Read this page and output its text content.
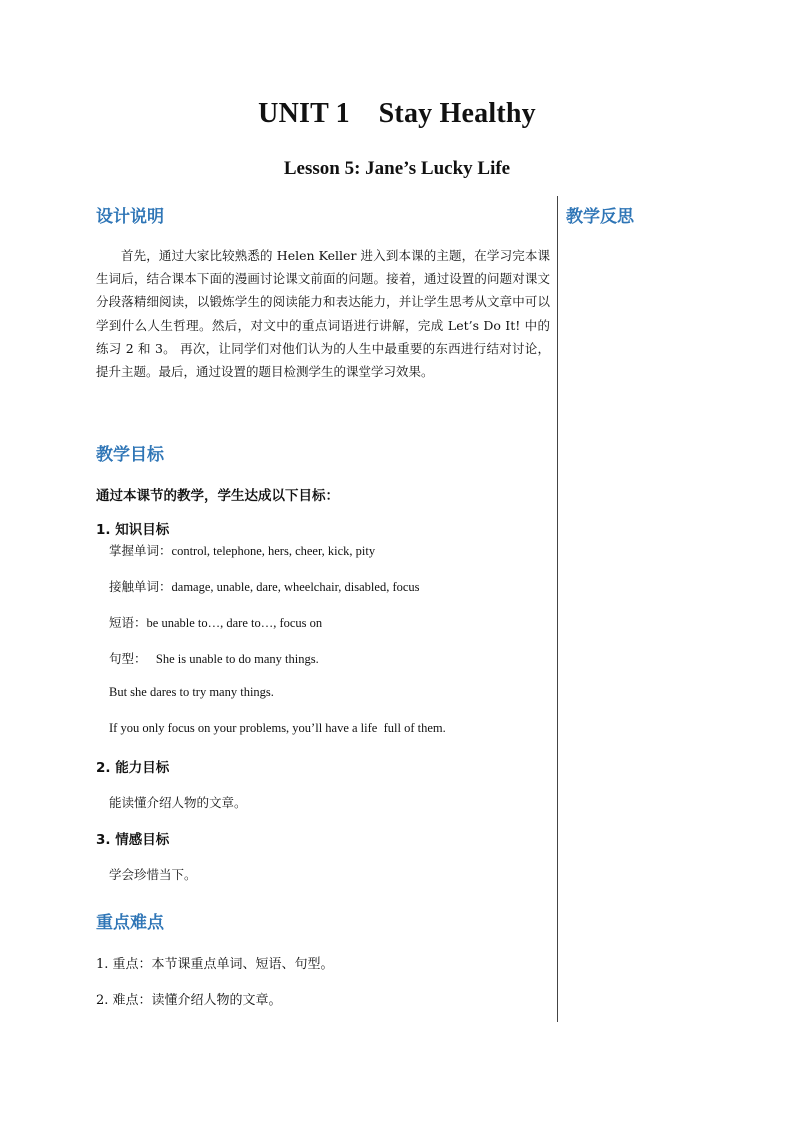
UNIT 1    Stay Healthy
Lesson 5: Jane’s Lucky Life
设计说明	教学反思
首先，通过大家比较熟悉的 Helen Keller 进入到本课的主题，在学习完本课生词后，结合课本下面的漫画讨论课文前面的问题。接着，通过设置的问题对课文分段落精细阅读，以锻炼学生的阅读能力和表达能力，并让学生思考从文章中可以学到什么人生哲理。然后，对文中的重点词语进行讲解，完成 Let’s Do It! 中的练习 2 和 3。 再次，让同学们对他们认为的人生中最重要的东西进行结对讨论，提升主题。最后，通过设置的题目检测学生的课堂学习效果。
教学目标
通过本课节的教学，学生达成以下目标：
1. 知识目标
掌握单词：control, telephone, hers, cheer, kick, pity
接触单词：damage, unable, dare, wheelchair, disabled, focus
短语：be unable to…, dare to…, focus on
句型： She is unable to do many things.
But she dares to try many things.
If you only focus on your problems, you’ll have a life  full of them.
2. 能力目标
能读懂介绍人物的文章。
3. 情感目标
学会珍惜当下。
重点难点
1. 重点：本节课重点单词、短语、句型。
2. 难点：读懂介绍人物的文章。
